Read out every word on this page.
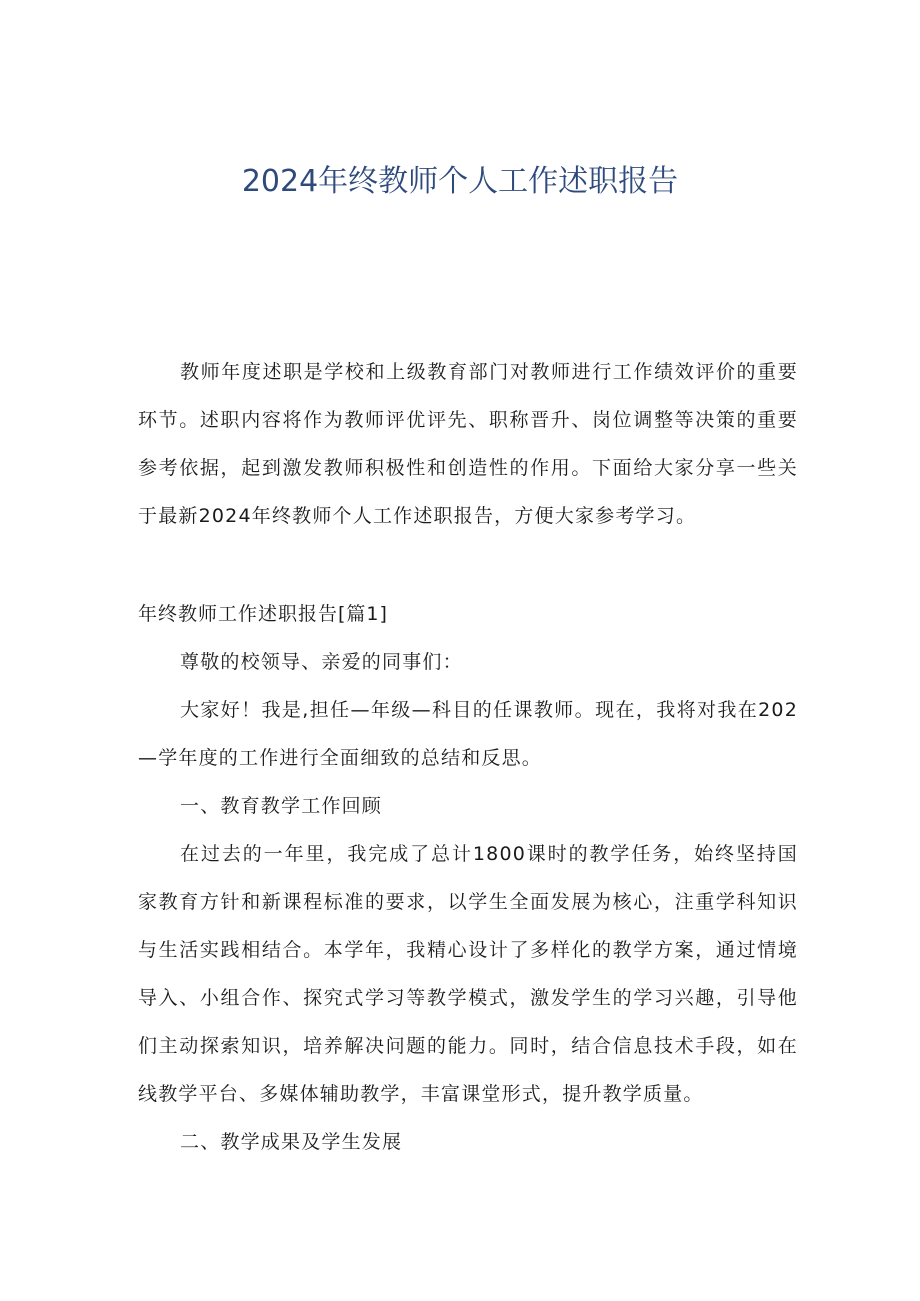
2024年终教师个人工作述职报告

教师年度述职是学校和上级教育部门对教师进行工作绩效评价的重要环节。述职内容将作为教师评优评先、职称晋升、岗位调整等决策的重要参考依据，起到激发教师积极性和创造性的作用。下面给大家分享一些关于最新2024年终教师个人工作述职报告，方便大家参考学习。

年终教师工作述职报告[篇1]

尊敬的校领导、亲爱的同事们：

大家好！我是,担任—年级—科目的任课教师。现在，我将对我在202—学年度的工作进行全面细致的总结和反思。

一、教育教学工作回顾

在过去的一年里，我完成了总计1800课时的教学任务，始终坚持国家教育方针和新课程标准的要求，以学生全面发展为核心，注重学科知识与生活实践相结合。本学年，我精心设计了多样化的教学方案，通过情境导入、小组合作、探究式学习等教学模式，激发学生的学习兴趣，引导他们主动探索知识，培养解决问题的能力。同时，结合信息技术手段，如在线教学平台、多媒体辅助教学，丰富课堂形式，提升教学质量。

二、教学成果及学生发展
